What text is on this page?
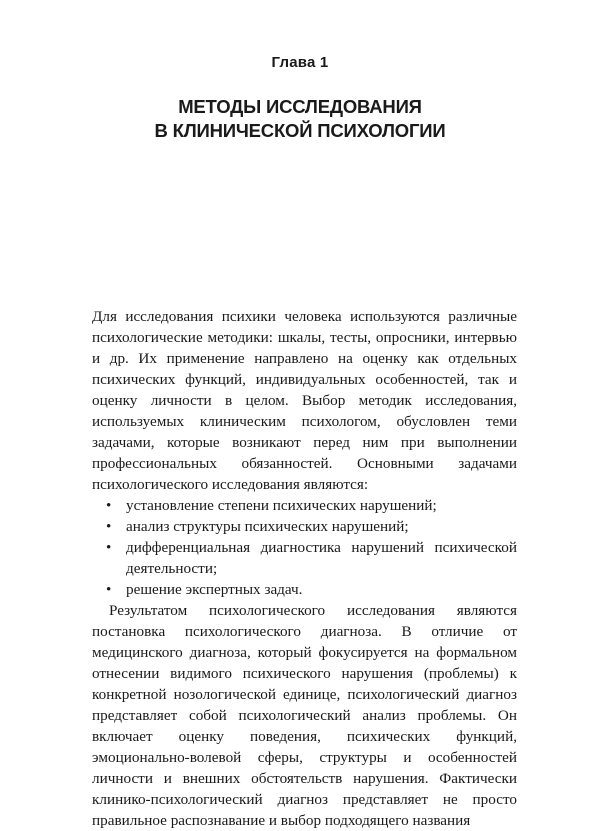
Глава 1
МЕТОДЫ ИССЛЕДОВАНИЯ
В КЛИНИЧЕСКОЙ ПСИХОЛОГИИ

Для исследования психики человека используются различные психологические методики: шкалы, тесты, опросники, интервью и др. Их применение направлено на оценку как отдельных психических функций, индивидуальных особенностей, так и оценку личности в целом. Выбор методик исследования, используемых клиническим психологом, обусловлен теми задачами, которые возникают перед ним при выполнении профессиональных обязанностей. Основными задачами психологического исследования являются:

• установление степени психических нарушений;
• анализ структуры психических нарушений;
• дифференциальная диагностика нарушений психической деятельности;
• решение экспертных задач.

Результатом психологического исследования являются постановка психологического диагноза. В отличие от медицинского диагноза, который фокусируется на формальном отнесении видимого психического нарушения (проблемы) к конкретной нозологической единице, психологический диагноз представляет собой психологический анализ проблемы. Он включает оценку поведения, психических функций, эмоционально-волевой сферы, структуры и особенностей личности и внешних обстоятельств нарушения. Фактически клинико-психологический диагноз представляет не просто правильное распознавание и выбор подходящего названия
